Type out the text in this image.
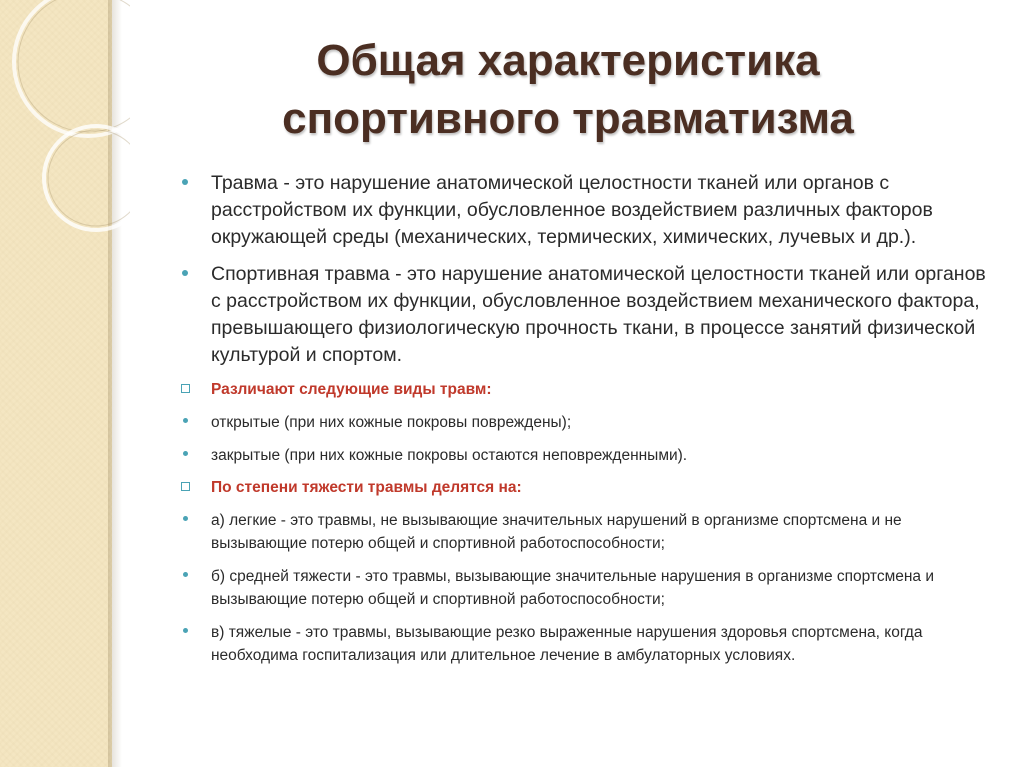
Общая характеристика
спортивного травматизма
Травма - это нарушение анатомической целостности тканей или органов с расстройством их функции, обусловленное воздействием различных факторов окружающей среды (механических, термических, химических, лучевых и др.).
Спортивная травма - это нарушение анатомической целостности тканей или органов с расстройством их функции, обусловленное воздействием механического фактора, превышающего физиологическую прочность ткани, в процессе занятий физической культурой и спортом.
Различают следующие виды травм:
открытые (при них кожные покровы повреждены);
закрытые (при них кожные покровы остаются неповрежденными).
По степени тяжести травмы делятся на:
а) легкие - это травмы, не вызывающие значительных нарушений в организме спортсмена и не вызывающие потерю общей и спортивной работоспособности;
б) средней тяжести - это травмы, вызывающие значительные нарушения в организме спортсмена и вызывающие потерю общей и спортивной работоспособности;
в) тяжелые - это травмы, вызывающие резко выраженные нарушения здоровья спортсмена, когда необходима госпитализация или длительное лечение в амбулаторных условиях.
